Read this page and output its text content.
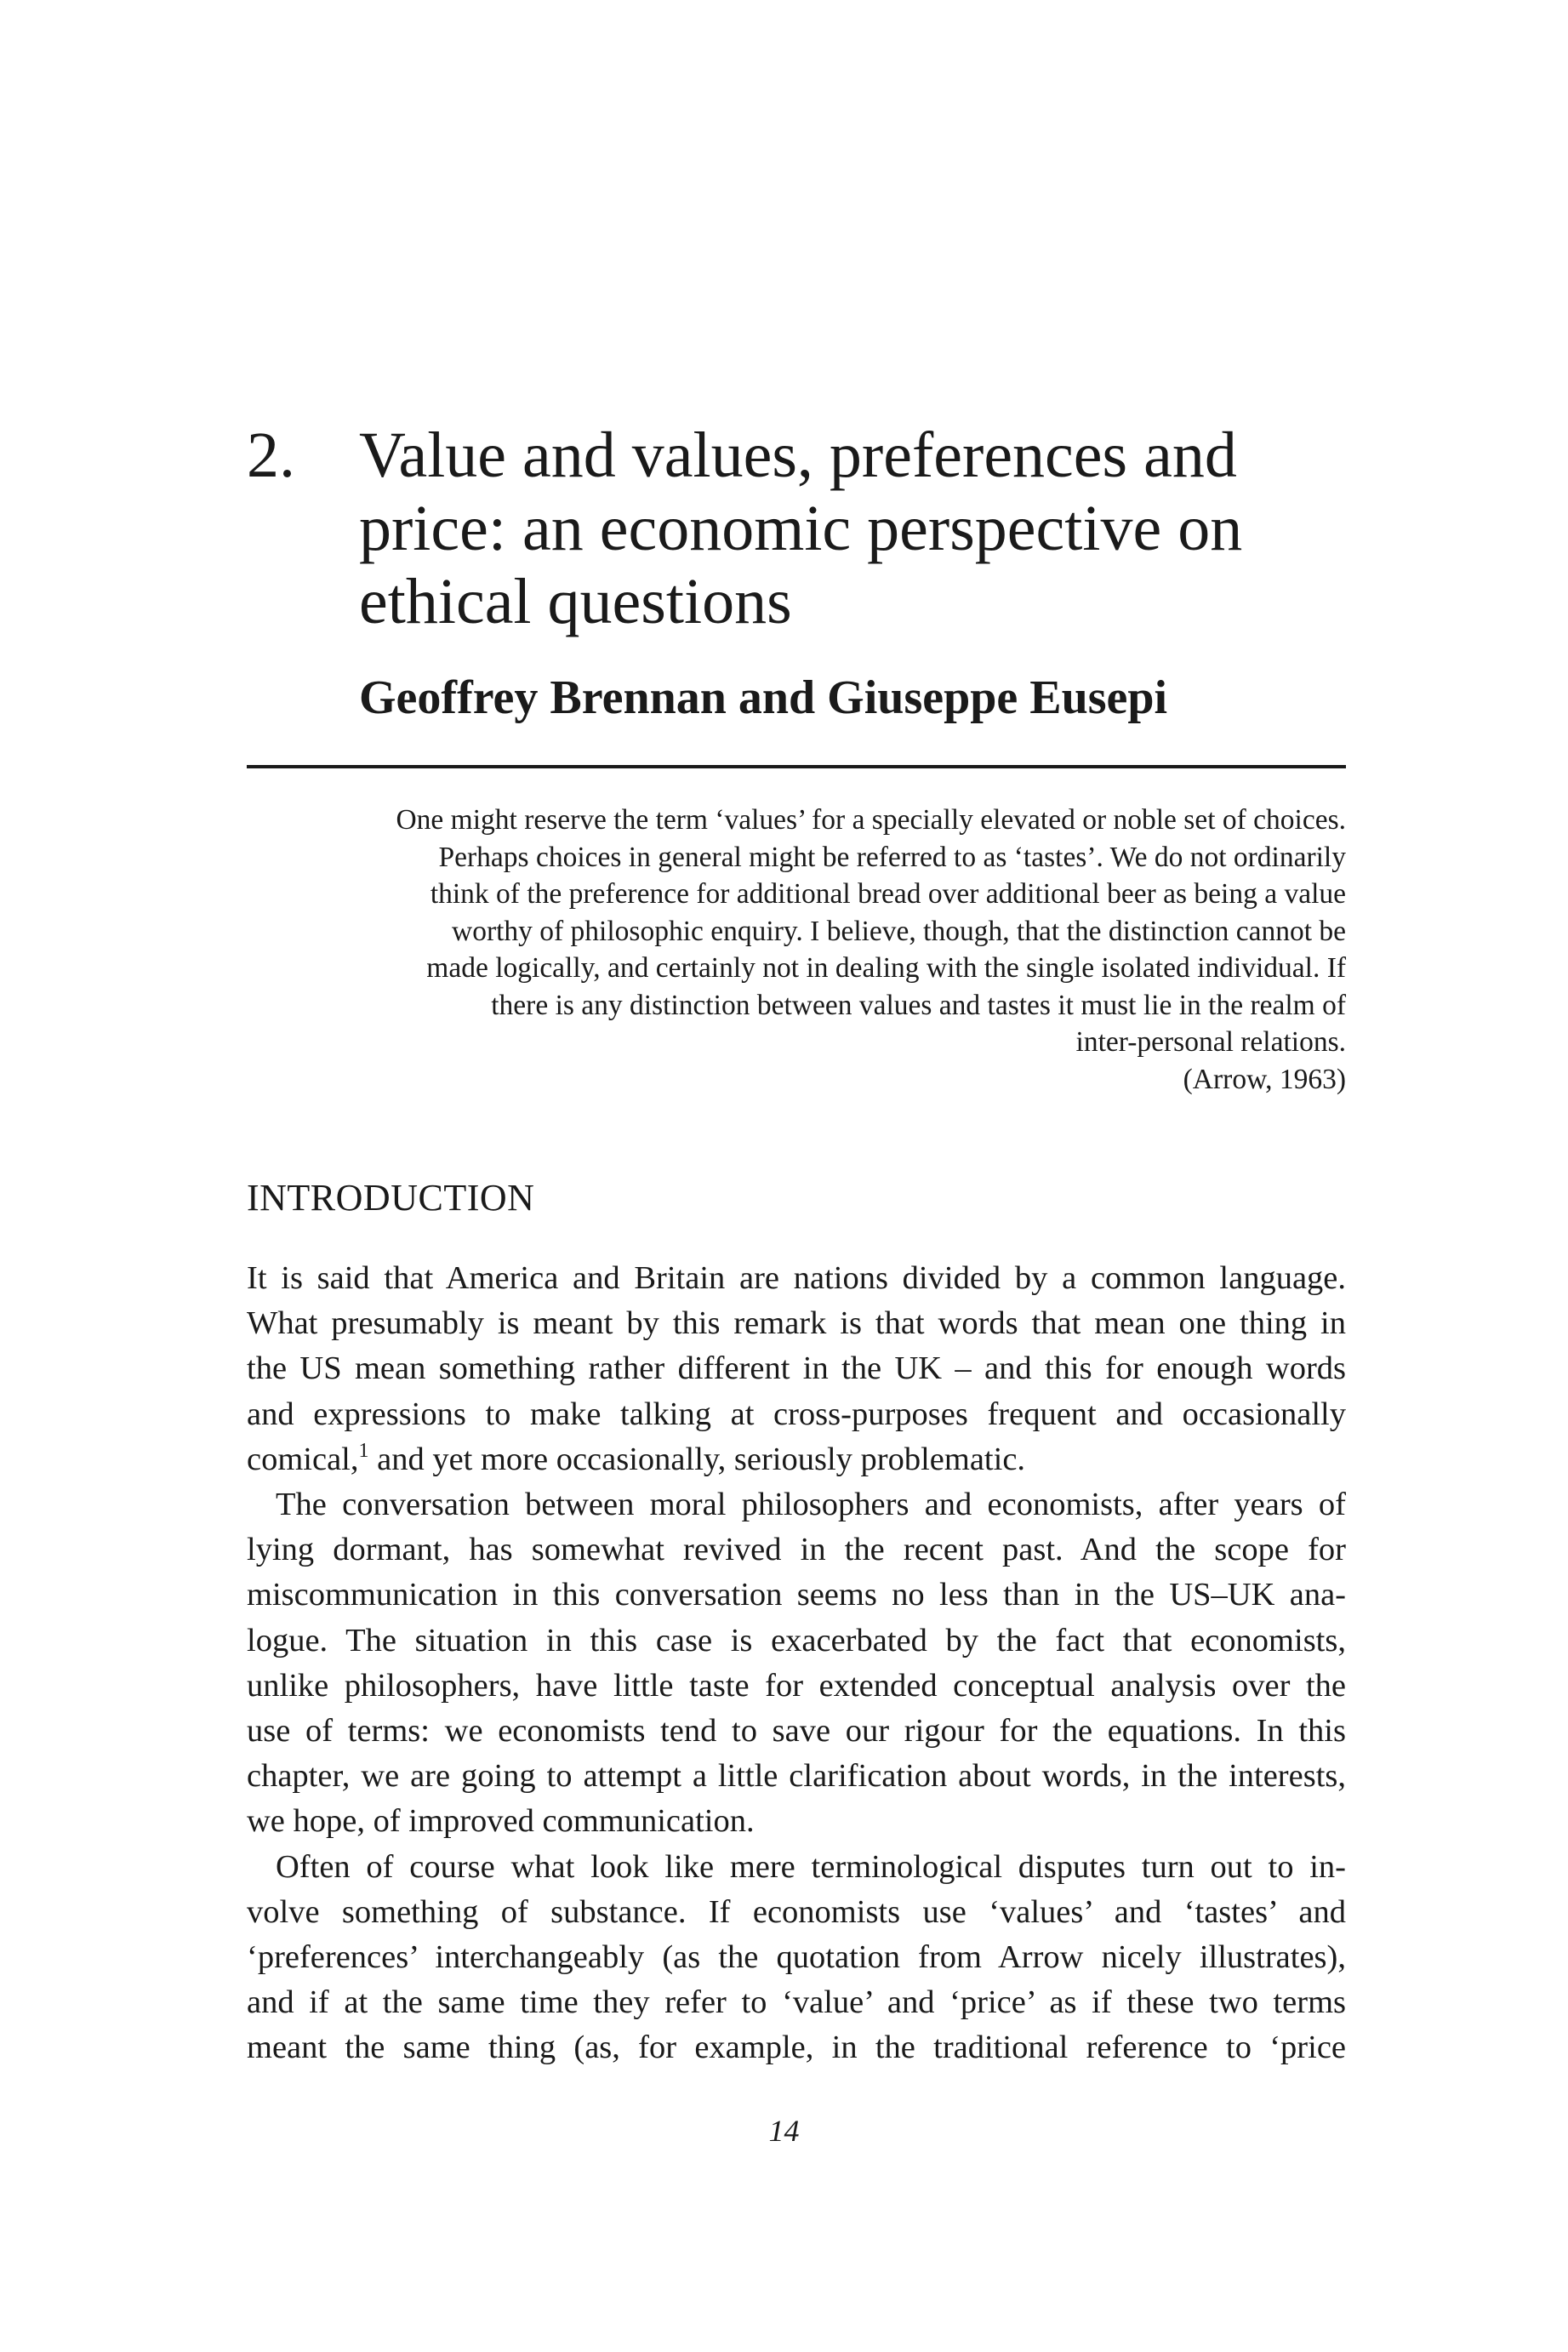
2. Value and values, preferences and
price: an economic perspective on
ethical questions
Geoffrey Brennan and Giuseppe Eusepi
One might reserve the term ‘values’ for a specially elevated or noble set of choices.
Perhaps choices in general might be referred to as ‘tastes’. We do not ordinarily
think of the preference for additional bread over additional beer as being a value
worthy of philosophic enquiry. I believe, though, that the distinction cannot be
made logically, and certainly not in dealing with the single isolated individual. If
there is any distinction between values and tastes it must lie in the realm of
inter-personal relations.
(Arrow, 1963)
INTRODUCTION

It is said that America and Britain are nations divided by a common language.
What presumably is meant by this remark is that words that mean one thing in
the US mean something rather different in the UK – and this for enough words
and expressions to make talking at cross-purposes frequent and occasionally
comical,$^1$ and yet more occasionally, seriously problematic.

The conversation between moral philosophers and economists, after years of
lying dormant, has somewhat revived in the recent past. And the scope for
miscommunication in this conversation seems no less than in the US–UK ana-
logue. The situation in this case is exacerbated by the fact that economists,
unlike philosophers, have little taste for extended conceptual analysis over the
use of terms: we economists tend to save our rigour for the equations. In this
chapter, we are going to attempt a little clarification about words, in the interests,
we hope, of improved communication.

Often of course what look like mere terminological disputes turn out to in-
volve something of substance. If economists use ‘values’ and ‘tastes’ and
‘preferences’ interchangeably (as the quotation from Arrow nicely illustrates),
and if at the same time they refer to ‘value’ and ‘price’ as if these two terms
meant the same thing (as, for example, in the traditional reference to ‘price

14
